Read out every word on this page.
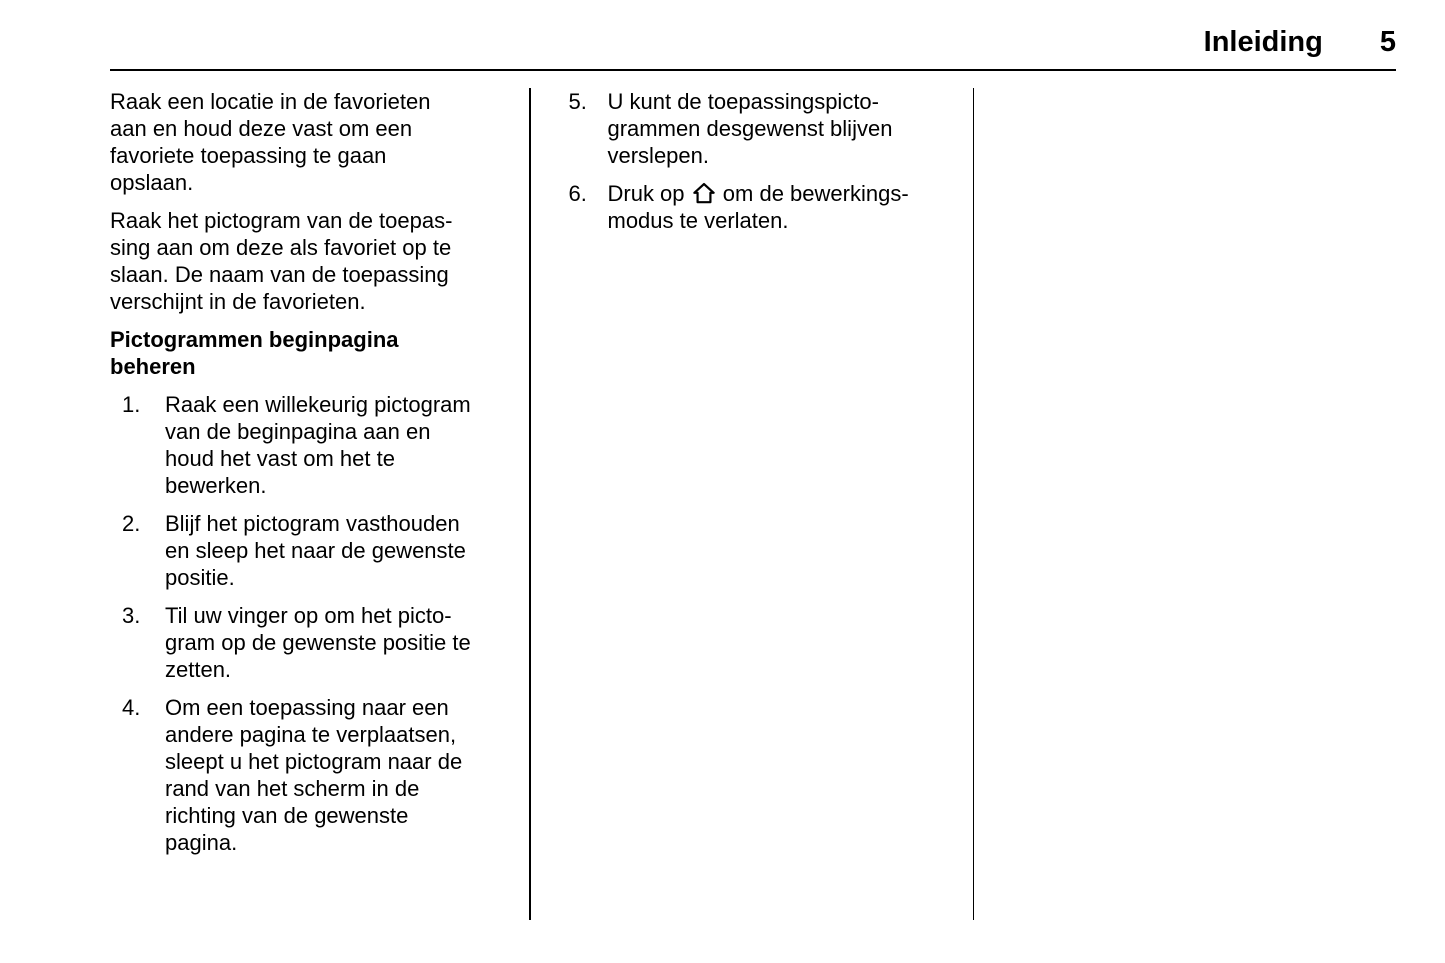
Inleiding 5

Raak een locatie in de favorieten aan en houd deze vast om een favoriete toepassing te gaan opslaan.

Raak het pictogram van de toepassing aan om deze als favoriet op te slaan. De naam van de toepassing verschijnt in de favorieten.

Pictogrammen beginpagina beheren
1.	Raak een willekeurig pictogram van de beginpagina aan en houd het vast om het te bewerken.
2.	Blijf het pictogram vasthouden en sleep het naar de gewenste positie.
3.	Til uw vinger op om het pictogram op de gewenste positie te zetten.
4.	Om een toepassing naar een andere pagina te verplaatsen, sleept u het pictogram naar de rand van het scherm in de richting van de gewenste pagina.
5. U kunt de toepassingspictogrammen desgewenst blijven verslepen.
6. Druk op om de bewerkingsmodus te verlaten.
